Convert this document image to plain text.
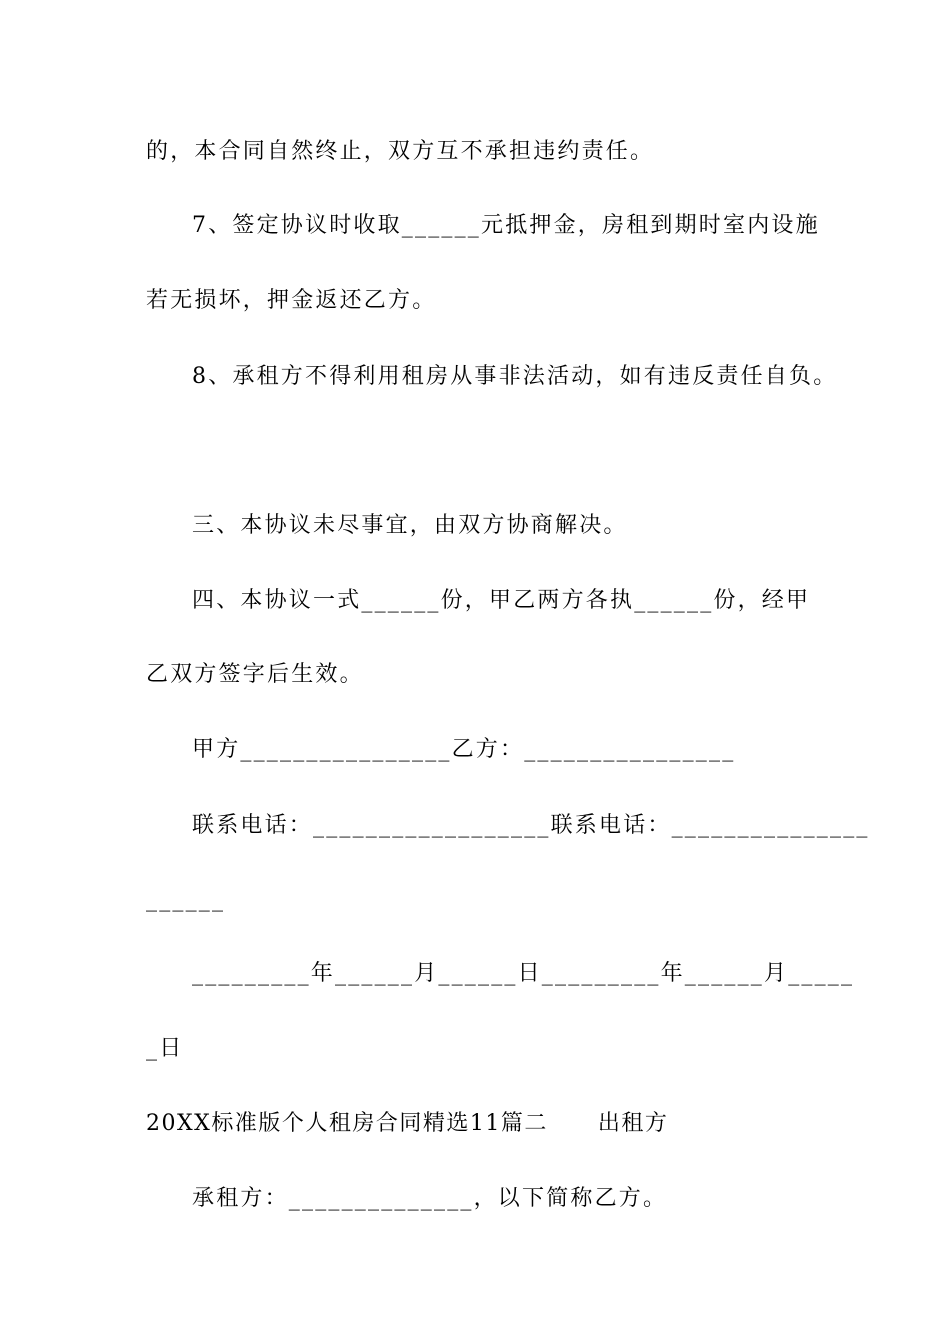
的，本合同自然终止，双方互不承担违约责任。
7、签定协议时收取______元抵押金，房租到期时室内设施
若无损坏，押金返还乙方。
8、承租方不得利用租房从事非法活动，如有违反责任自负。
三、本协议未尽事宜，由双方协商解决。
四、本协议一式______份，甲乙两方各执______份，经甲
乙双方签字后生效。
甲方________________乙方：________________
联系电话：__________________联系电话：_______________
______
_________年______月______日_________年______月_____
_日
20XX标准版个人租房合同精选11篇二 出租方
承租方：______________，以下简称乙方。
